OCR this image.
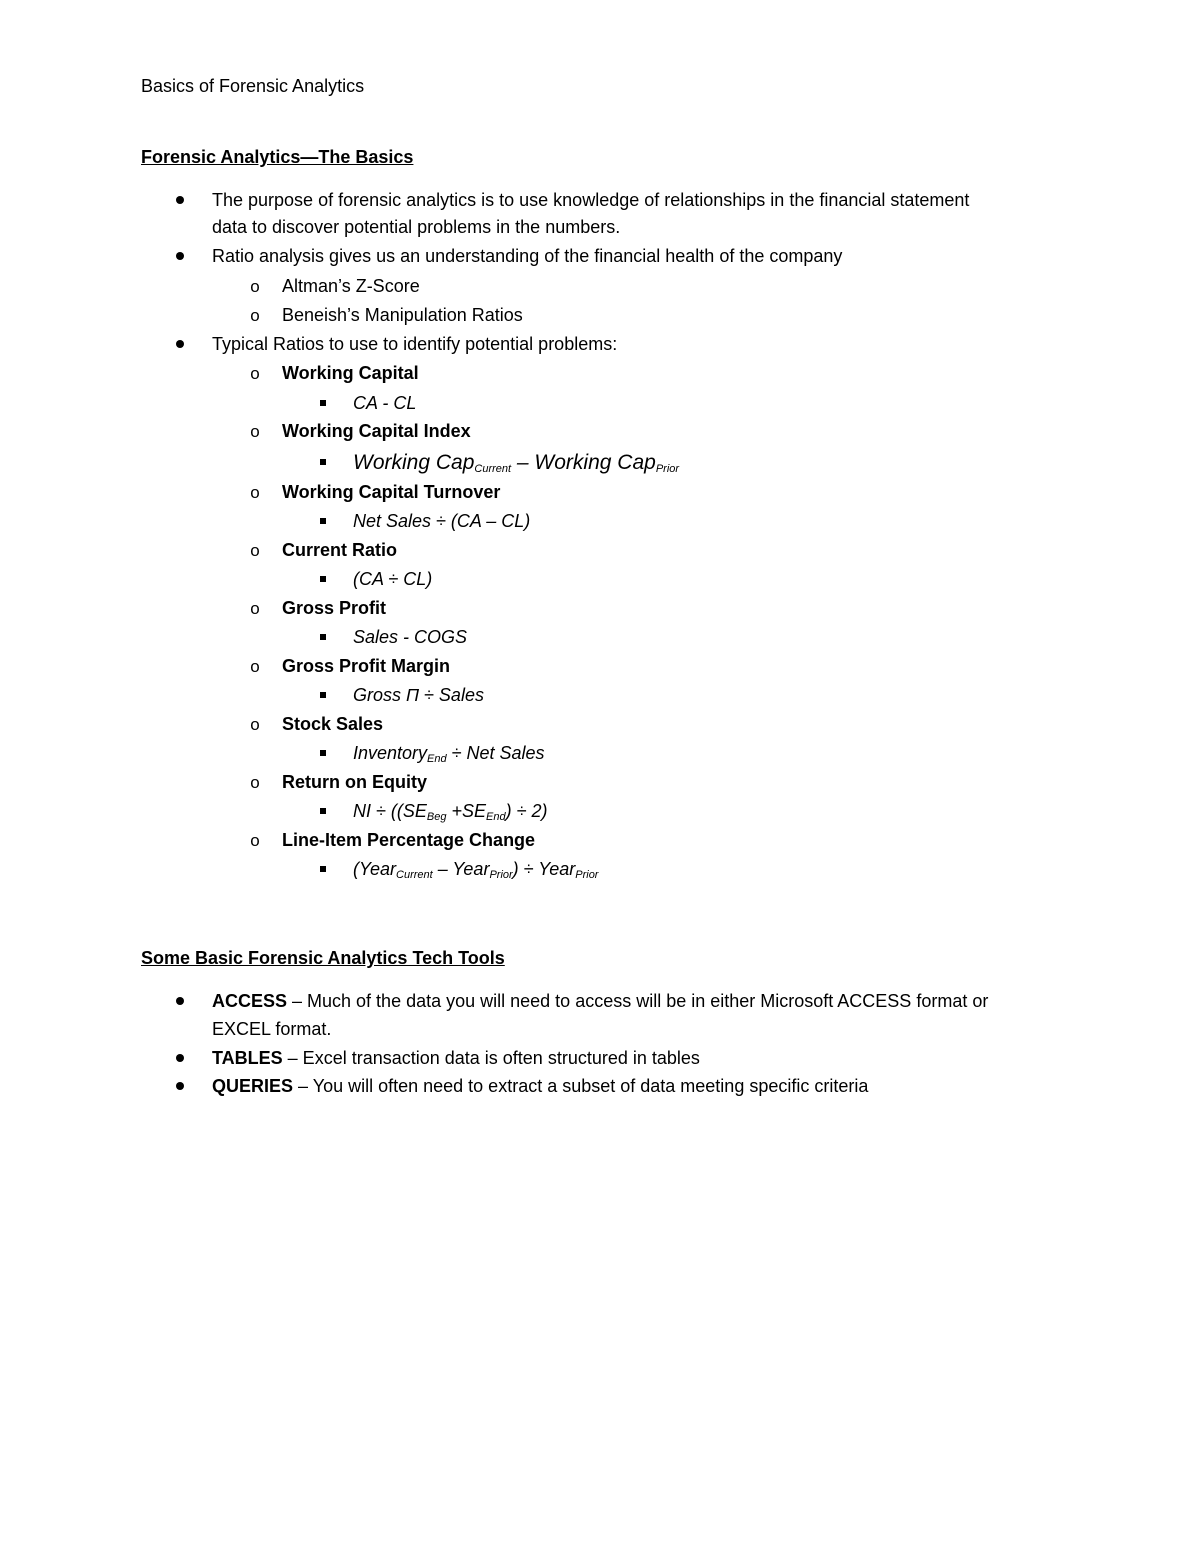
Basics of Forensic Analytics
Forensic Analytics—The Basics
The purpose of forensic analytics is to use knowledge of relationships in the financial statement
data to discover potential problems in the numbers.
Ratio analysis gives us an understanding of the financial health of the company
o Altman’s Z-Score
o Beneish’s Manipulation Ratios
Typical Ratios to use to identify potential problems:
o Working Capital
CA - CL
o Working Capital Index
Working Cap$_{Current}$ – Working Cap$_{Prior}$
o Working Capital Turnover
Net Sales ÷ (CA – CL)
o Current Ratio
(CA ÷ CL)
o Gross Profit
Sales - COGS
o Gross Profit Margin
Gross Π ÷ Sales
o Stock Sales
Inventory$_{End}$ ÷ Net Sales
o Return on Equity
NI ÷ $((SE_{Beg} +SE_{End}) \div 2)$
o Line-Item Percentage Change
(Year$_{Current}$ – Year$_{Prior}$) ÷ Year$_{Prior}$
Some Basic Forensic Analytics Tech Tools
ACCESS – Much of the data you will need to access will be in either Microsoft ACCESS format or
EXCEL format.
TABLES – Excel transaction data is often structured in tables
QUERIES – You will often need to extract a subset of data meeting specific criteria
